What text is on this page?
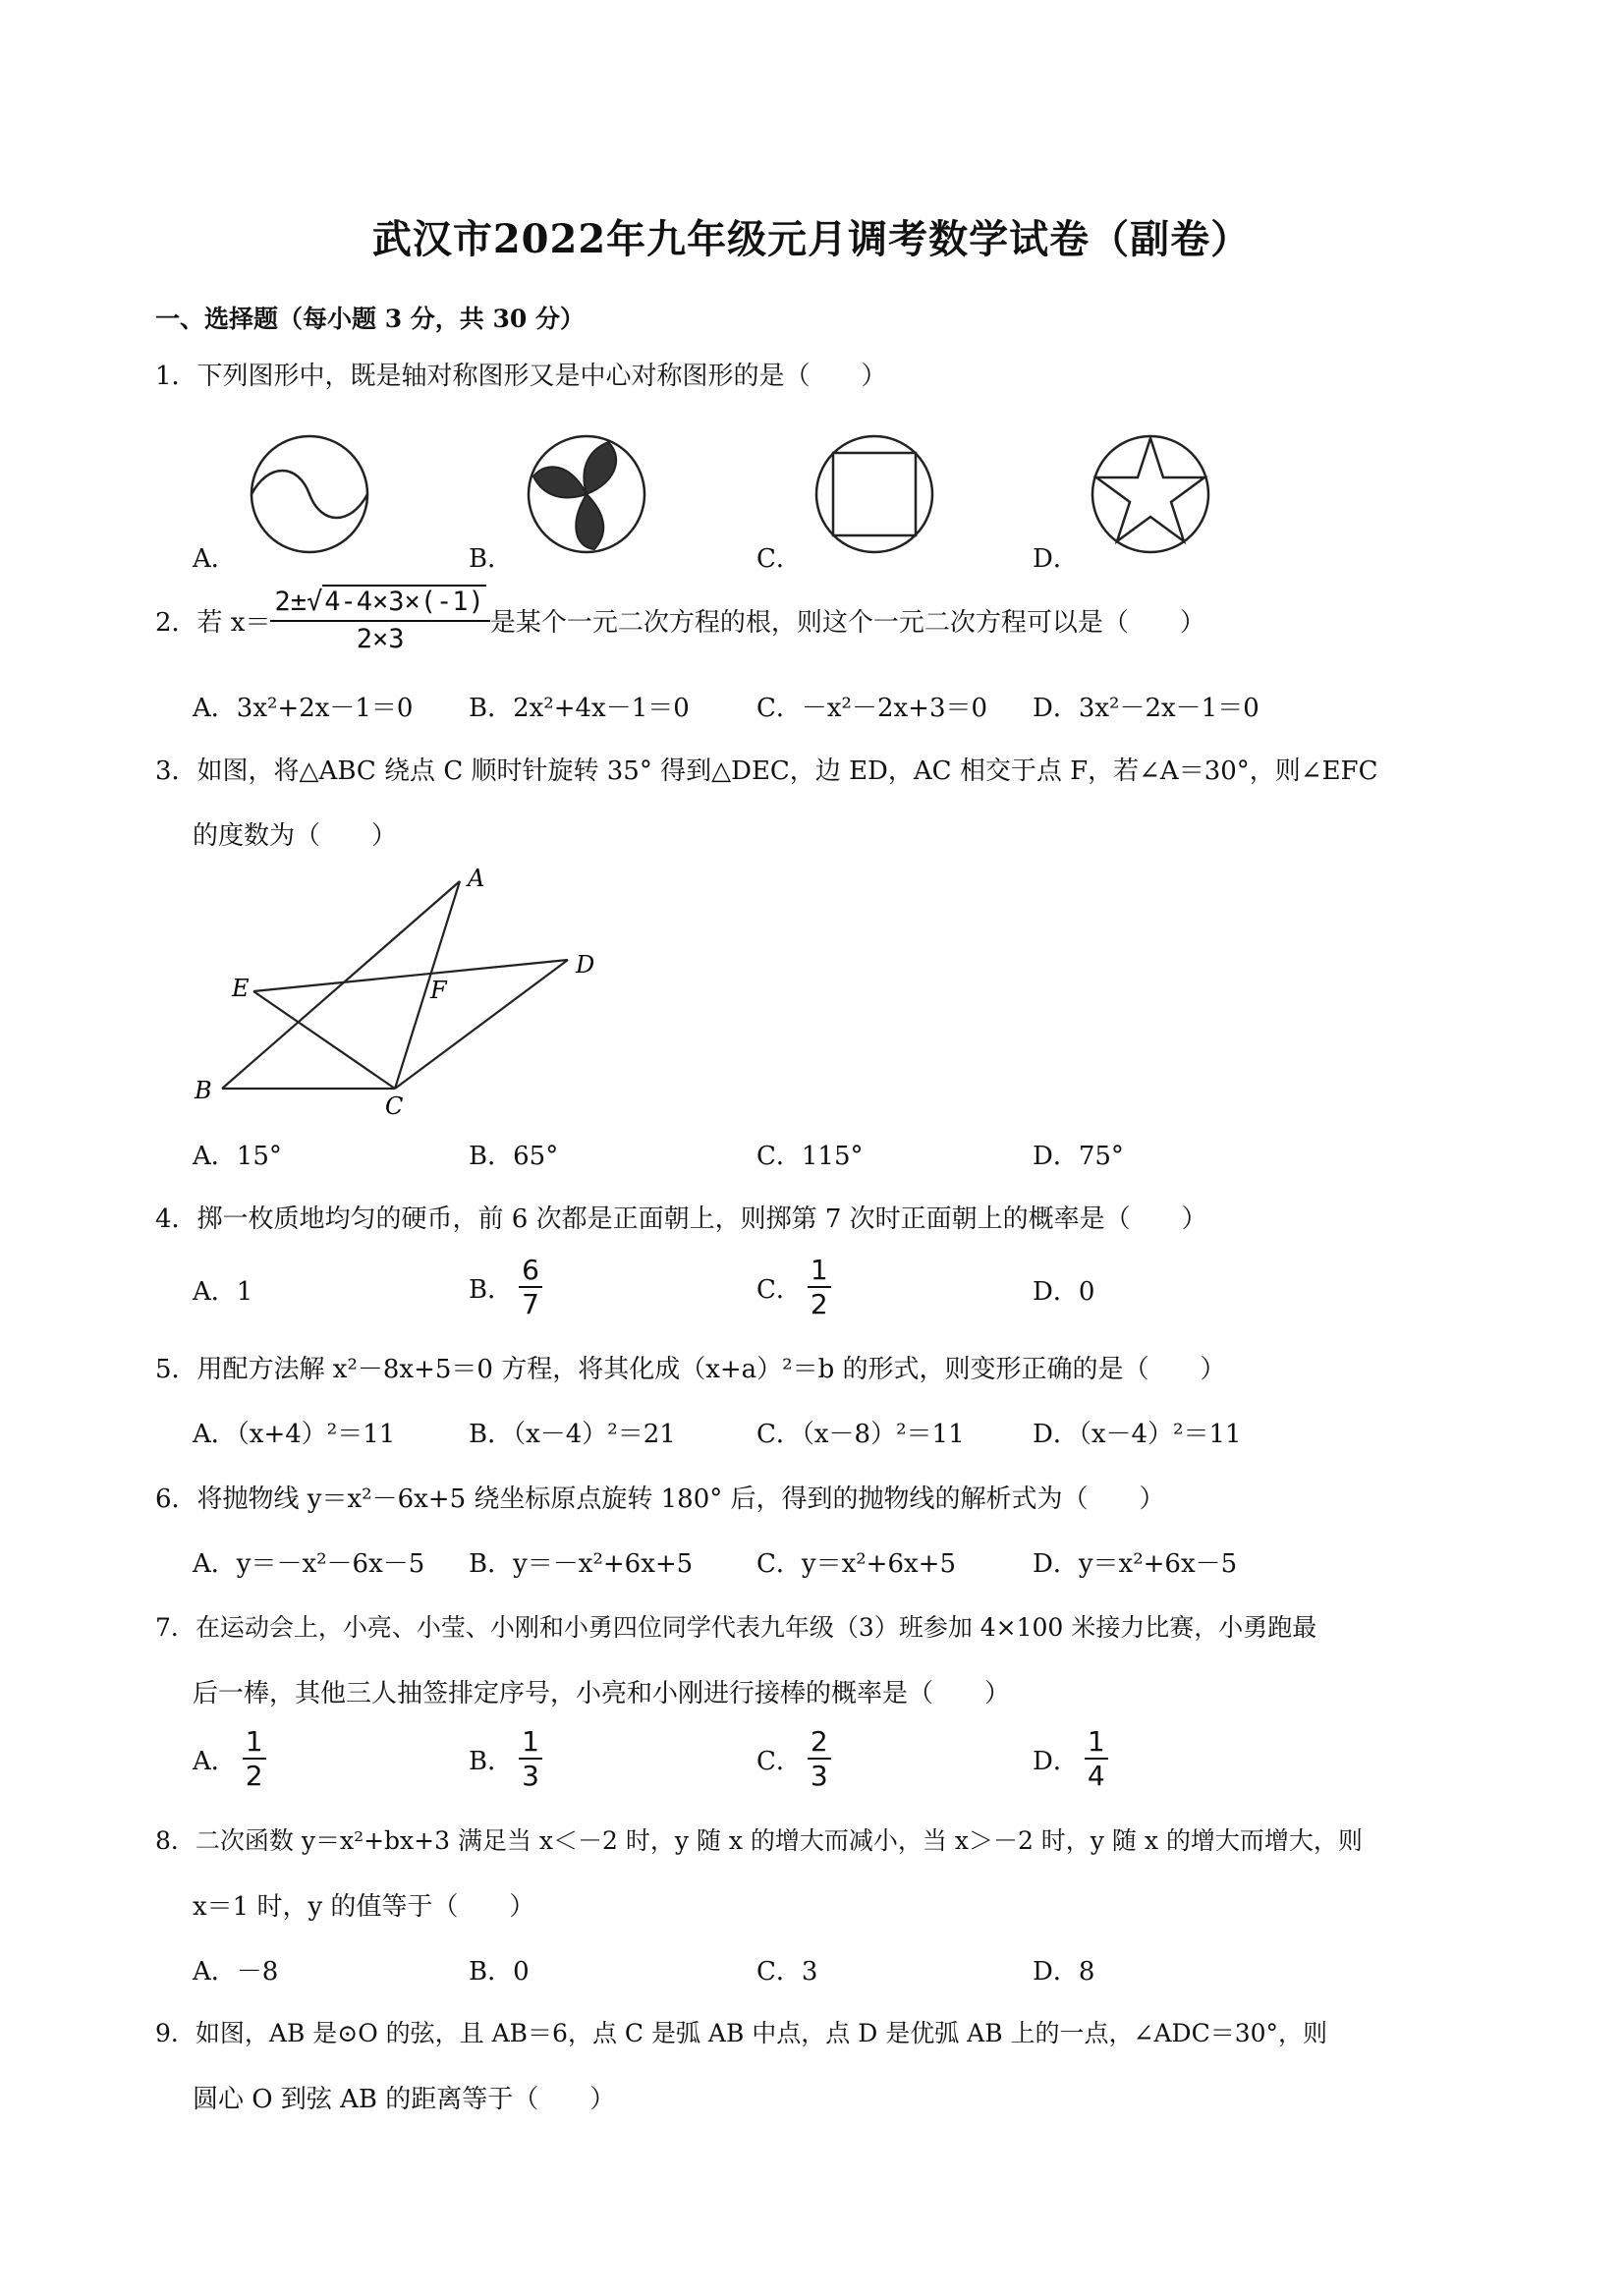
武汉市2022年九年级元月调考数学试卷（副卷）
一、选择题（每小题 3 分，共 30 分）
1．下列图形中，既是轴对称图形又是中心对称图形的是（　　）
A．	B．	C．	D．
2．若 $x= \frac{2\pm√4-4\times 3\times(-1)}{2\times 3}$ 是某个一元二次方程的根，则这个一元二次方程可以是（　　）
A．3x²+2x－1＝0 B．2x²+4x－1＝0	C．－x²－2x+3＝0 D．3x²－2x－1＝0
3．如图，将△ABC 绕点 C 顺时针旋转 35° 得到△DEC，边 ED，AC 相交于点 F，若∠A＝30°，则∠EFC
的度数为（　　）
A
B
C
D
E	F
A．15°	B．65°	C．115°	D．75°
4．掷一枚质地均匀的硬币，前 6 次都是正面朝上，则掷第 7 次时正面朝上的概率是（　　）
A．1	B． $\frac{6}{7}$	C． $\frac{1}{2}$	D．0
5．用配方法解 x²－8x+5＝0 方程，将其化成（x+a）²＝b 的形式，则变形正确的是（　　）
A．（x+4）²＝11	B．（x－4）²＝21	C．（x－8）²＝11	D．（x－4）²＝11
6．将抛物线 y＝x²－6x+5 绕坐标原点旋转 180° 后，得到的抛物线的解析式为（　　）
A．y＝－x²－6x－5 B．y＝－x²+6x+5 C．y＝x²+6x+5	D．y＝x²+6x－5
7．在运动会上，小亮、小莹、小刚和小勇四位同学代表九年级（3）班参加 4×100 米接力比赛，小勇跑最
后一棒，其他三人抽签排定序号，小亮和小刚进行接棒的概率是（　　）
A． $\frac{1}{2}$	B． $\frac{1}{3}$	C． $\frac{2}{3}$	D． $\frac{1}{4}$
8．二次函数 y＝x²+bx+3 满足当 x＜－2 时，y 随 x 的增大而减小，当 x＞－2 时，y 随 x 的增大而增大，则
x＝1 时，y 的值等于（　　）
A．－8	B．0	C．3	D．8
9．如图，AB 是⊙O 的弦，且 AB＝6，点 C 是弧 AB 中点，点 D 是优弧 AB 上的一点，∠ADC＝30°，则
圆心 O 到弦 AB 的距离等于（　　）
